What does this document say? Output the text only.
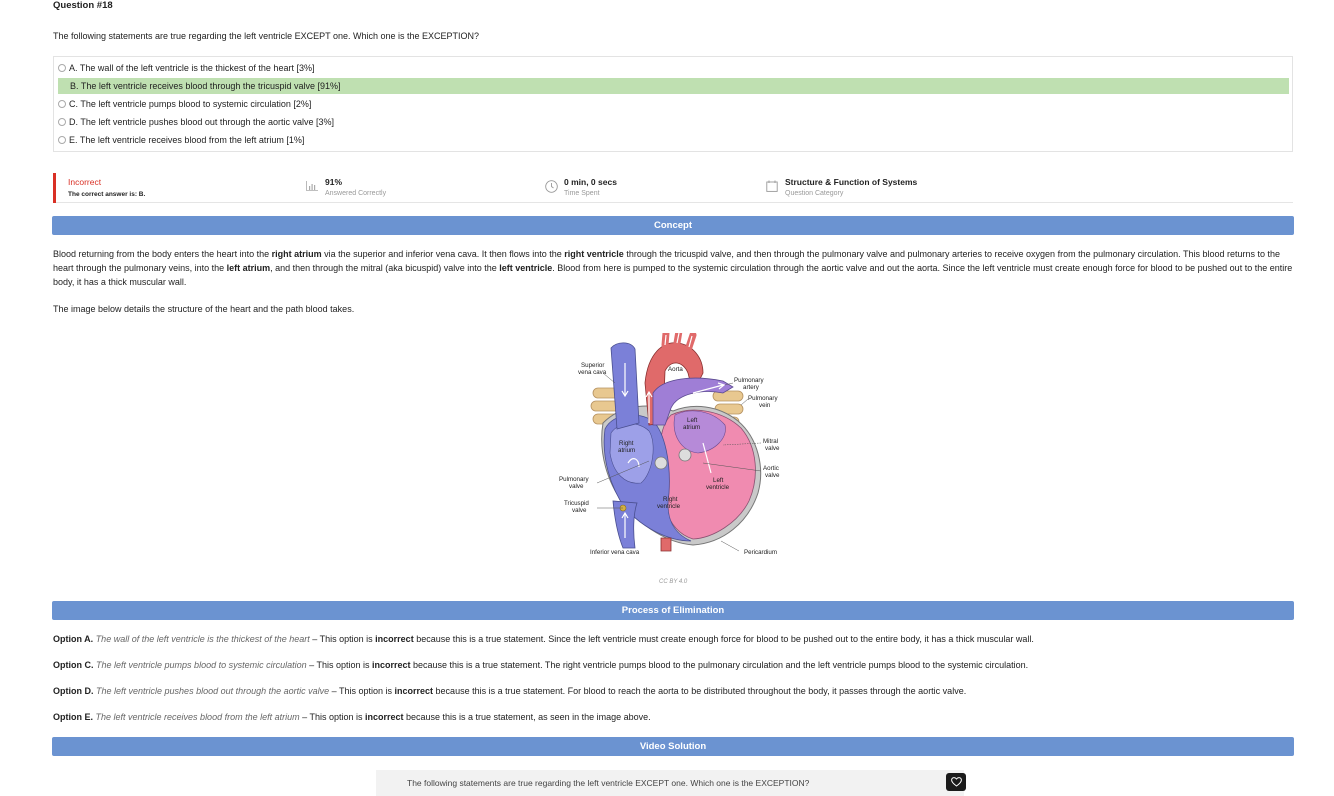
Question #18
The following statements are true regarding the left ventricle EXCEPT one. Which one is the EXCEPTION?
A. The wall of the left ventricle is the thickest of the heart [3%]
B. The left ventricle receives blood through the tricuspid valve [91%]
C. The left ventricle pumps blood to systemic circulation [2%]
D. The left ventricle pushes blood out through the aortic valve [3%]
E. The left ventricle receives blood from the left atrium [1%]
Incorrect
The correct answer is: B.
91%
Answered Correctly
0 min, 0 secs
Time Spent
Structure & Function of Systems
Question Category
Concept
Blood returning from the body enters the heart into the right atrium via the superior and inferior vena cava. It then flows into the right ventricle through the tricuspid valve, and then through the pulmonary valve and pulmonary arteries to receive oxygen from the pulmonary circulation. This blood returns to the heart through the pulmonary veins, into the left atrium, and then through the mitral (aka bicuspid) valve into the left ventricle. Blood from here is pumped to the systemic circulation through the aortic valve and out the aorta. Since the left ventricle must create enough force for blood to be pushed out to the entire body, it has a thick muscular wall.
The image below details the structure of the heart and the path blood takes.
Superior
vena cava	Aorta
Pulmonary
artery
Pulmonary
vein
Left
atrium
Right
atrium
Mitral
valve
Aortic
valve
Left
ventricle
Pulmonary
valve
Tricuspid
valve
Right
ventricle
Inferior vena cava	Pericardium
CC BY 4.0
Process of Elimination
Option A. The wall of the left ventricle is the thickest of the heart – This option is incorrect because this is a true statement. Since the left ventricle must create enough force for blood to be pushed out to the entire body, it has a thick muscular wall.
Option C. The left ventricle pumps blood to systemic circulation – This option is incorrect because this is a true statement. The right ventricle pumps blood to the pulmonary circulation and the left ventricle pumps blood to the systemic circulation.
Option D. The left ventricle pushes blood out through the aortic valve – This option is incorrect because this is a true statement. For blood to reach the aorta to be distributed throughout the body, it passes through the aortic valve.
Option E. The left ventricle receives blood from the left atrium – This option is incorrect because this is a true statement, as seen in the image above.
Video Solution
The following statements are true regarding the left ventricle EXCEPT one. Which one is the EXCEPTION?
